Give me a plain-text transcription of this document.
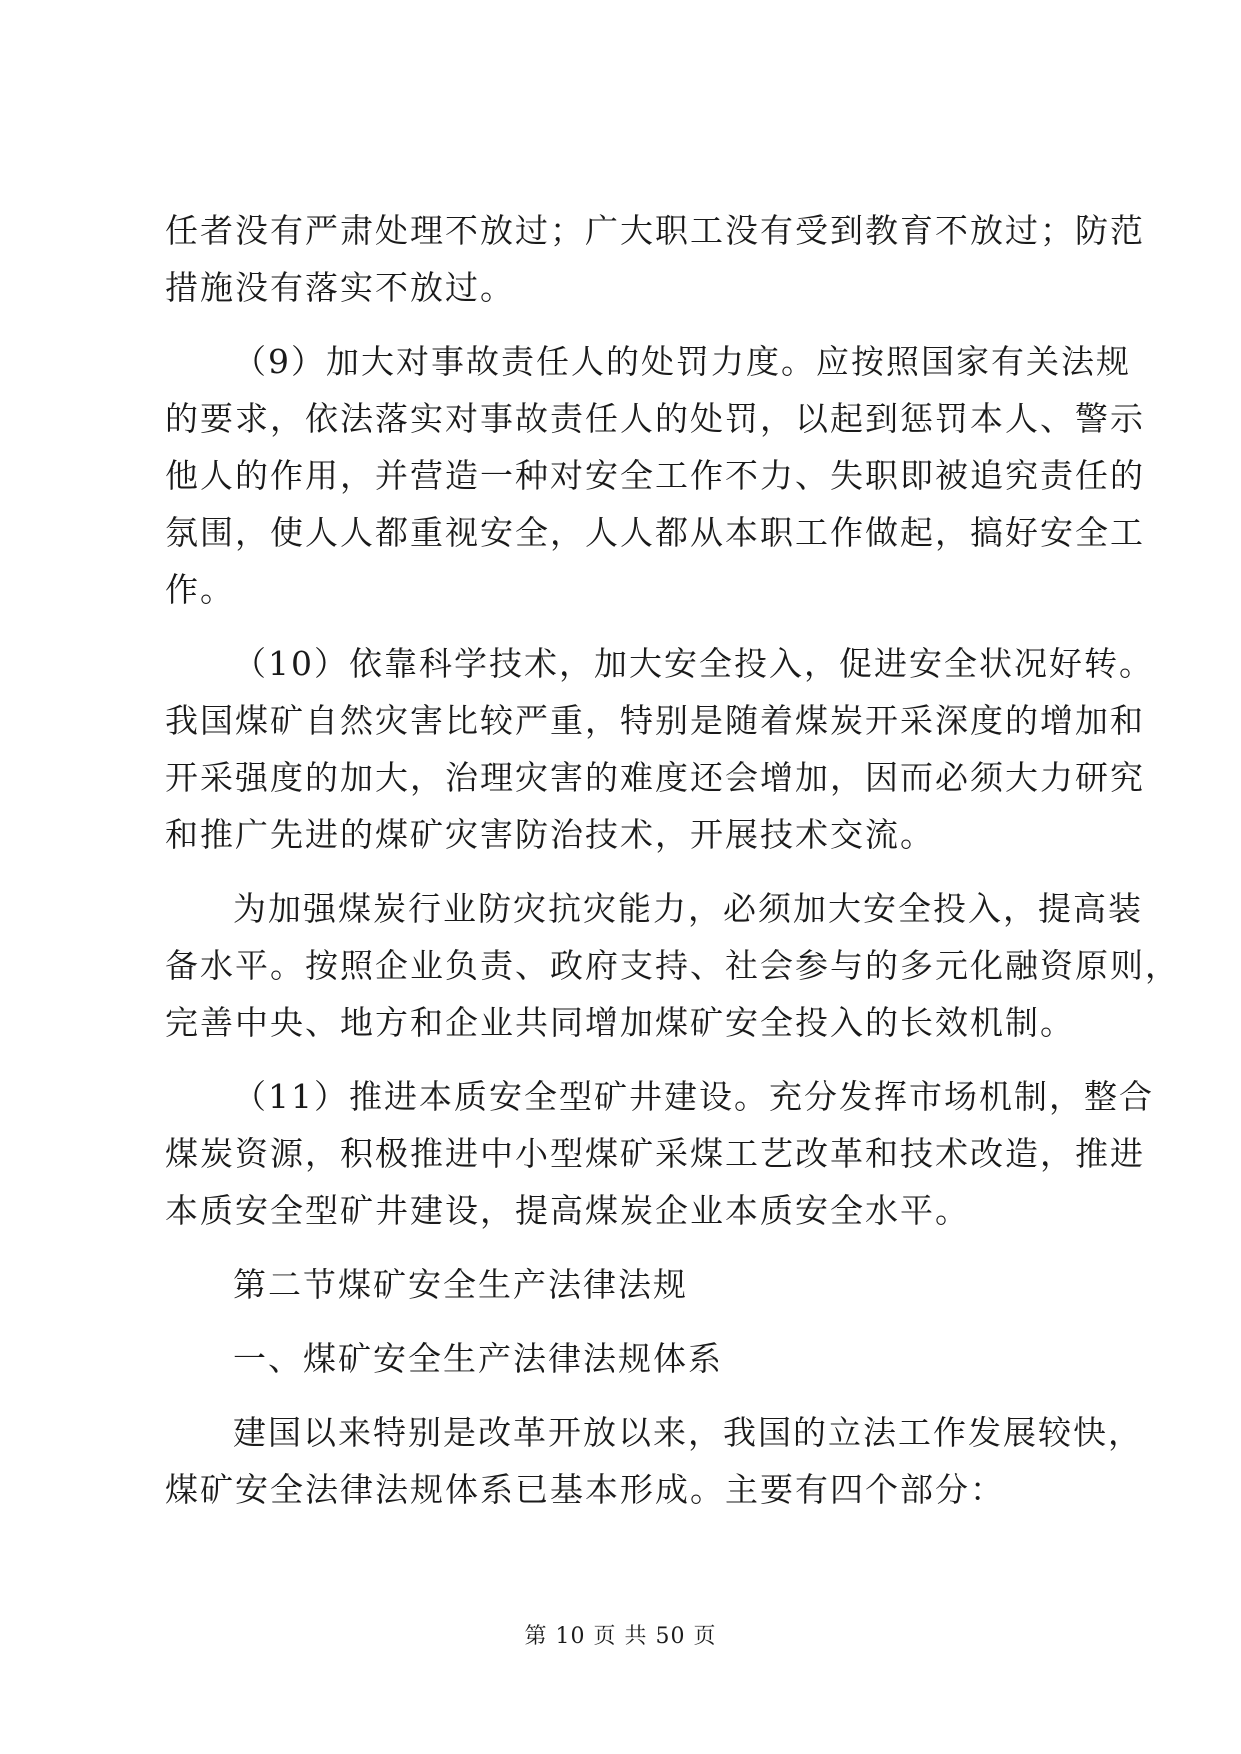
任者没有严肃处理不放过；广大职工没有受到教育不放过；防范
措施没有落实不放过。
（9）加大对事故责任人的处罚力度。应按照国家有关法规
的要求，依法落实对事故责任人的处罚，以起到惩罚本人、警示
他人的作用，并营造一种对安全工作不力、失职即被追究责任的
氛围，使人人都重视安全，人人都从本职工作做起，搞好安全工
作。
（10）依靠科学技术，加大安全投入，促进安全状况好转。
我国煤矿自然灾害比较严重，特别是随着煤炭开采深度的增加和
开采强度的加大，治理灾害的难度还会增加，因而必须大力研究
和推广先进的煤矿灾害防治技术，开展技术交流。
为加强煤炭行业防灾抗灾能力，必须加大安全投入，提高装
备水平。按照企业负责、政府支持、社会参与的多元化融资原则，
完善中央、地方和企业共同增加煤矿安全投入的长效机制。
（11）推进本质安全型矿井建设。充分发挥市场机制，整合
煤炭资源，积极推进中小型煤矿采煤工艺改革和技术改造，推进
本质安全型矿井建设，提高煤炭企业本质安全水平。
第二节煤矿安全生产法律法规
一、煤矿安全生产法律法规体系
建国以来特别是改革开放以来，我国的立法工作发展较快，
煤矿安全法律法规体系已基本形成。主要有四个部分：
第 10 页 共 50 页
